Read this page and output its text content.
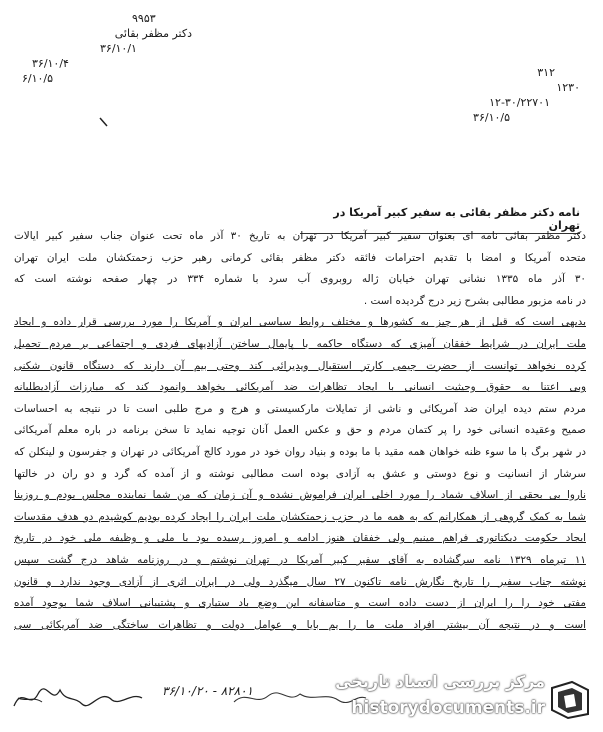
۹۹۵۳
دکتر مظفر بقائی
۳۶/۱۰/۱
۳۶/۱۰/۴
۶/۱۰/۵	۳۱۲
۱۲۳۰
۱۲-۳۰/۲۲۷۰۱
۳۶/۱۰/۵
نامه دکتر مظفر بقائی به سفیر کبیر آمریکا در تهران
دکتر مظفر بقائی نامه ای بعنوان سفیر کبیر آمریکا در تهران به تاریخ ۳۰ آذر ماه تحت عنوان جناب سفیر کبیر ایالات
متحده آمریکا و امضا با تقدیم احترامات فائقه دکتر مظفر بقائی کرمانی رهبر حزب زحمتکشان ملت ایران تهران
۳۰ آذر ماه ۱۳۳۵ نشانی تهران خیابان ژاله روبروی آب سرد با شماره ۳۳۴ در چهار صفحه نوشته است که
در نامه مزبور مطالبی بشرح زیر درج گردیده است .
بدیهی است که قبل از هر چیز به کشورها و مختلف روابط سیاسی ایران و آمریکا را مورد بررسی قرار داده و ایجاد
ملت ایران در شرایط خفقان آمیزی که دستگاه حاکمه با پایمال ساختن آزادیهای فردی و اجتماعی بر مردم تحمیل
کرده نخواهد توانست از حضرت جیمی کارتر استقبال ویدیرائی کند وحتی بیم آن دارند که دستگاه قانون شکنی
وبی اعتنا به حقوق وحیثیت انسانی با ایجاد تظاهرات ضد آمریکائی بخواهد وانمود کند که مبارزات آزادیطلبانه
مردم ستم دیده ایران ضد آمریکائی و ناشی از تمایلات مارکسیستی و هرج و مرج طلبی است تا در نتیجه به احساسات
صمیح وعقیده انسانی خود را پر کتمان مردم و حق و عکس العمل آنان توجیه نماید تا سخن برنامه در باره معلم آمریکائی
در شهر برگ با ما سوء ظنه خواهان همه مقید با ما بوده و بنیاد روان خود در مورد کالج آمریکائی در تهران و جفرسون و لینکلن که
سرشار از انسانیت و نوع دوستی و عشق به آزادی بوده است مطالبی نوشته و از آمده که گرد و دو ران در خالتها
ناروا بی بحقی از اسلاف شماد را مورد اخلی ایران فراموش نشده و آن زمان که من شما نماینده مجلس بودم و روزینا
شما به کمک گروهی از همکارانم که به همه ما در حزب زحمتکشان ملت ایران را ایجاد کرده بودیم کوشیدم دو هدف مقدسات
ایجاد حکومت دیکتاتوری فراهم مینیم ولی خفقان هنوز ادامه و امروز رسیده بود با ملی و وظیفه ملی خود در تاریخ
۱۱ تیرماه ۱۳۲۹ نامه سرگشاده به آقای سفیر کبیر آمریکا در تهران نوشتم و در روزنامه شاهد درج گشت سپس
نوشته جناب سفیر را تاریخ نگارش نامه تاکنون ۲۷ سال میگذرد ولی در ایران اثری از آزادی وجود ندارد و قانون
مفتی خود را را ایران از دست داده است و متاسفانه این وضع باد ستیاری و پشتیبانی اسلاف شما بوجود آمده
است و در نتیجه آن بیشتر افراد ملت ما را یم بایا و عوامل دولت و تظاهرات ساختگی ضد آمریکائی سی
۸۲۸۰۱ - ۳۶/۱۰/۲۰	مرکز بررسی اسناد تاریخی
historydocuments.ir
